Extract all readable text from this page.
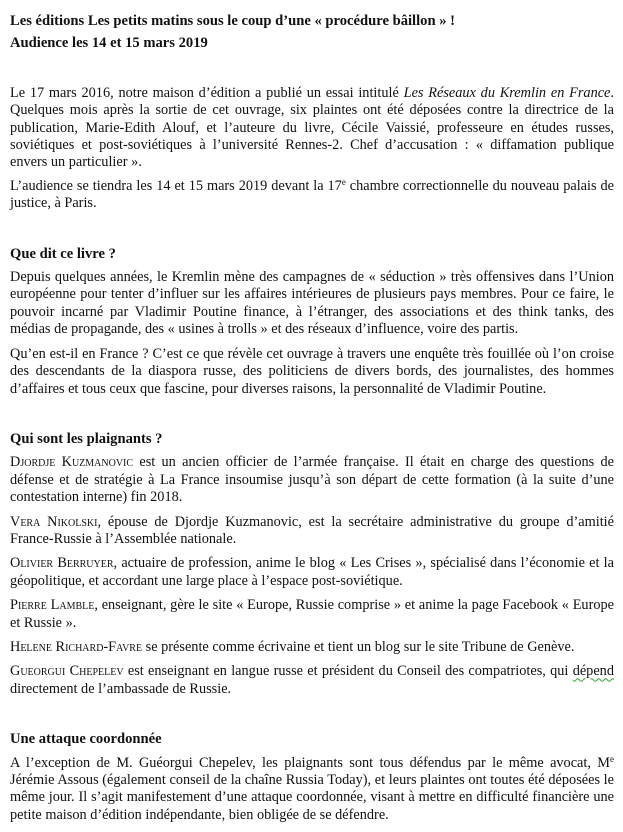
Les éditions Les petits matins sous le coup d’une « procédure bâillon » !
Audience les 14 et 15 mars 2019

Le 17 mars 2016, notre maison d’édition a publié un essai intitulé Les Réseaux du Kremlin en France. Quelques mois après la sortie de cet ouvrage, six plaintes ont été déposées contre la directrice de la publication, Marie-Edith Alouf, et l’auteure du livre, Cécile Vaissié, professeure en études russes, soviétiques et post-soviétiques à l’université Rennes-2. Chef d’accusation : « diffamation publique envers un particulier ».

L’audience se tiendra les 14 et 15 mars 2019 devant la 17e chambre correctionnelle du nouveau palais de justice, à Paris.

Que dit ce livre ?

Depuis quelques années, le Kremlin mène des campagnes de « séduction » très offensives dans l’Union européenne pour tenter d’influer sur les affaires intérieures de plusieurs pays membres. Pour ce faire, le pouvoir incarné par Vladimir Poutine finance, à l’étranger, des associations et des think tanks, des médias de propagande, des « usines à trolls » et des réseaux d’influence, voire des partis.

Qu’en est-il en France ? C’est ce que révèle cet ouvrage à travers une enquête très fouillée où l’on croise des descendants de la diaspora russe, des politiciens de divers bords, des journalistes, des hommes d’affaires et tous ceux que fascine, pour diverses raisons, la personnalité de Vladimir Poutine.

Qui sont les plaignants ?

Djordje Kuzmanovic est un ancien officier de l’armée française. Il était en charge des questions de défense et de stratégie à La France insoumise jusqu’à son départ de cette formation (à la suite d’une contestation interne) fin 2018.

Vera Nikolski, épouse de Djordje Kuzmanovic, est la secrétaire administrative du groupe d’amitié France-Russie à l’Assemblée nationale.

Olivier Berruyer, actuaire de profession, anime le blog « Les Crises », spécialisé dans l’économie et la géopolitique, et accordant une large place à l’espace post-soviétique.

Pierre Lamble, enseignant, gère le site « Europe, Russie comprise » et anime la page Facebook « Europe et Russie ».

Helene Richard-Favre se présente comme écrivaine et tient un blog sur le site Tribune de Genève.

Gueorgui Chepelev est enseignant en langue russe et président du Conseil des compatriotes, qui dépend directement de l’ambassade de Russie.

Une attaque coordonnée

A l’exception de M. Guéorgui Chepelev, les plaignants sont tous défendus par le même avocat, Me Jérémie Assous (également conseil de la chaîne Russia Today), et leurs plaintes ont toutes été déposées le même jour. Il s’agit manifestement d’une attaque coordonnée, visant à mettre en difficulté financière une petite maison d’édition indépendante, bien obligée de se défendre.
